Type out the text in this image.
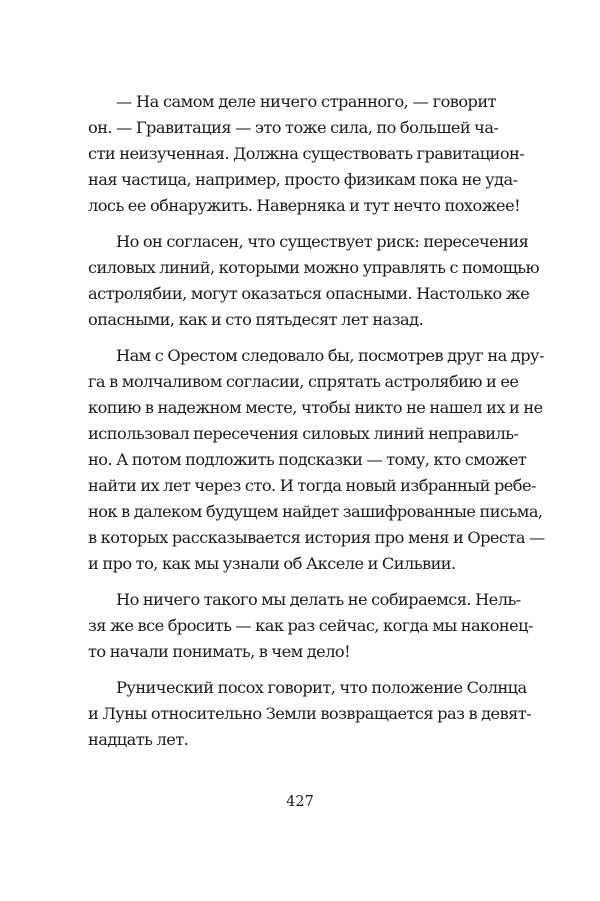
— На самом деле ничего странного, — говорит
он. — Гравитация — это тоже сила, по большей ча-
сти неизученная. Должна существовать гравитацион-
ная частица, например, просто физикам пока не уда-
лось ее обнаружить. Наверняка и тут нечто похожее!
Но он согласен, что существует риск: пересечения
силовых линий, которыми можно управлять с помощью
астролябии, могут оказаться опасными. Настолько же
опасными, как и сто пятьдесят лет назад.
Нам с Орестом следовало бы, посмотрев друг на дру-
га в молчаливом согласии, спрятать астролябию и ее
копию в надежном месте, чтобы никто не нашел их и не
использовал пересечения силовых линий неправиль-
но. А потом подложить подсказки — тому, кто сможет
найти их лет через сто. И тогда новый избранный ребе-
нок в далеком будущем найдет зашифрованные письма,
в которых рассказывается история про меня и Ореста —
и про то, как мы узнали об Акселе и Сильвии.
Но ничего такого мы делать не собираемся. Нель-
зя же все бросить — как раз сейчас, когда мы наконец-
то начали понимать, в чем дело!
Рунический посох говорит, что положение Солнца
и Луны относительно Земли возвращается раз в девят-
надцать лет.
427
